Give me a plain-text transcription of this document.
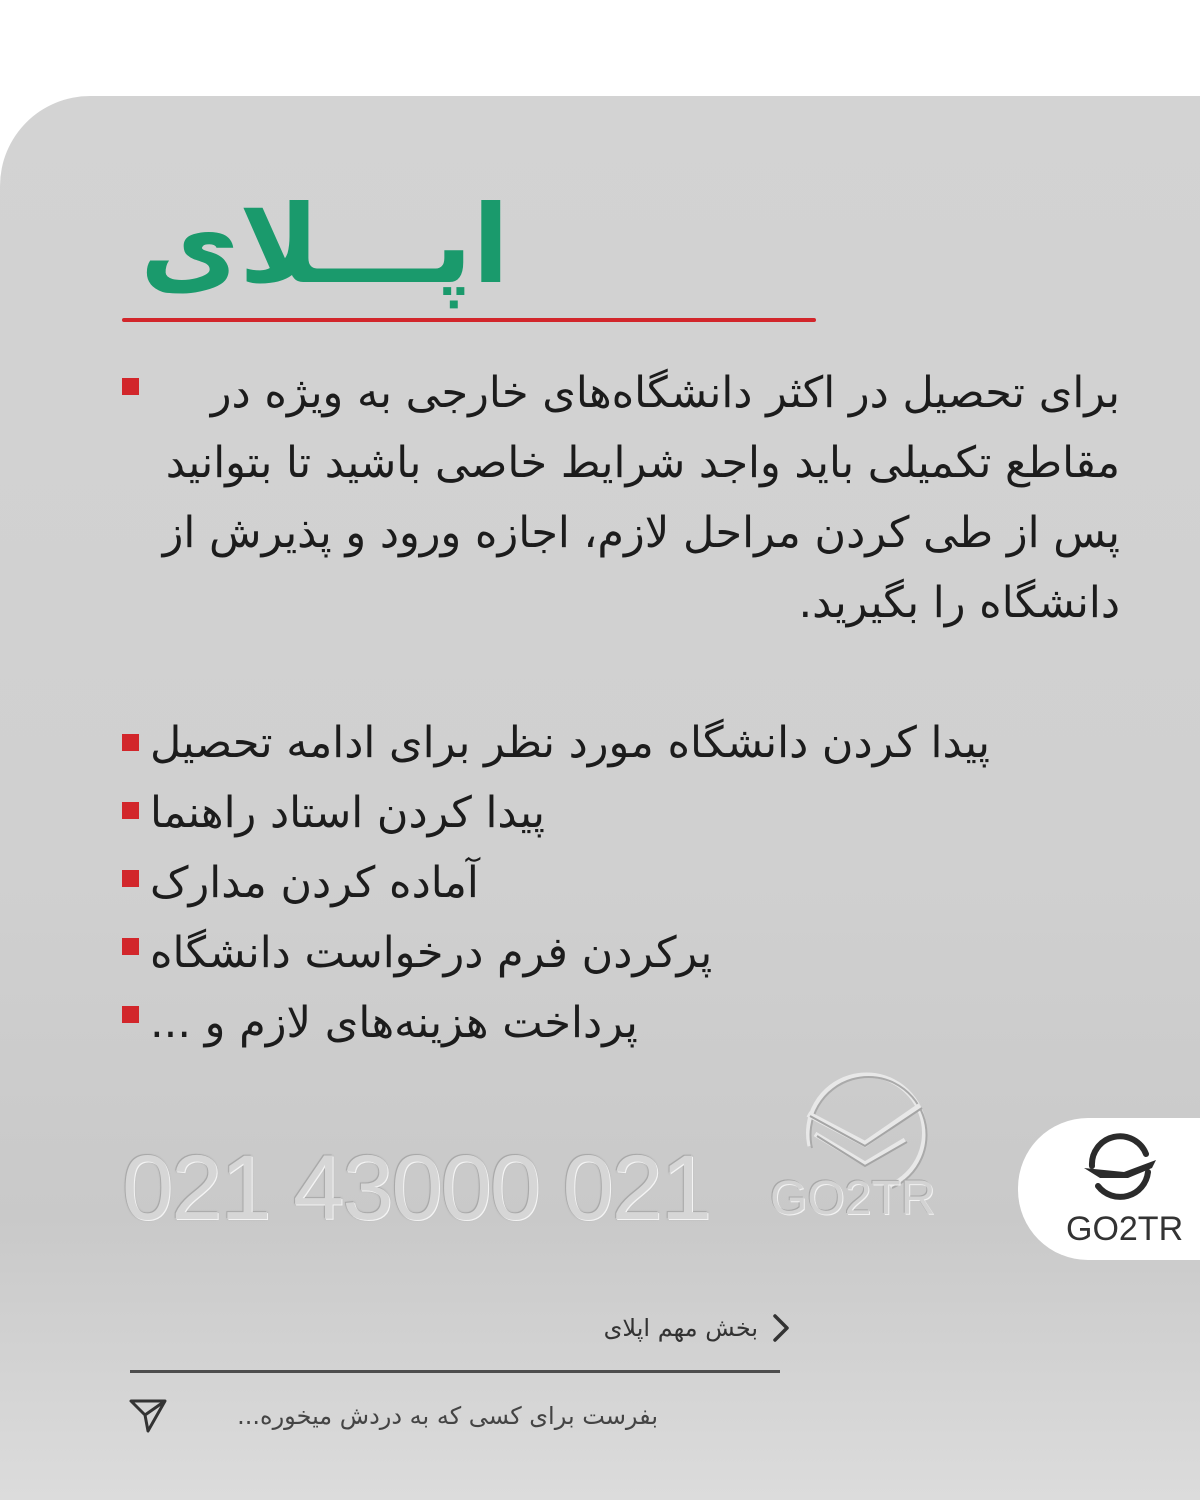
اپـــلای

برای تحصیل در اکثر دانشگاه‌های خارجی به ویژه در مقاطع تکمیلی باید واجد شرایط خاصی باشید تا بتوانید پس از طی کردن مراحل لازم، اجازه ورود و پذیرش از دانشگاه را بگیرید.

پیدا کردن دانشگاه مورد نظر برای ادامه تحصیل
پیدا کردن استاد راهنما
آماده کردن مدارک
پرکردن فرم درخواست دانشگاه
پرداخت هزینه‌های لازم و ...
021 43000 021 GO2TR
GO2TR
بخش مهم اپلای
بفرست برای کسی که به دردش میخوره...
